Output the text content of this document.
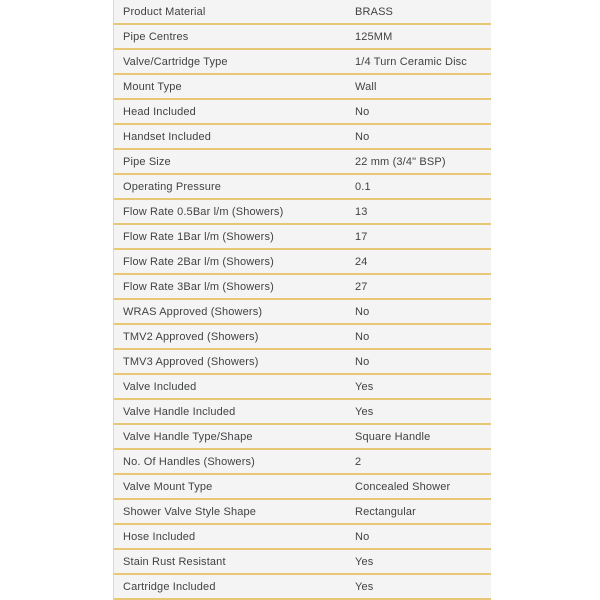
Product Material	BRASS
Pipe Centres	125MM
Valve/Cartridge Type	1/4 Turn Ceramic Disc
Mount Type	Wall
Head Included	No
Handset Included	No
Pipe Size	22 mm (3/4" BSP)
Operating Pressure	0.1
Flow Rate 0.5Bar l/m (Showers)	13
Flow Rate 1Bar l/m (Showers)	17
Flow Rate 2Bar l/m (Showers)	24
Flow Rate 3Bar l/m (Showers)	27
WRAS Approved (Showers)	No
TMV2 Approved (Showers)	No
TMV3 Approved (Showers)	No
Valve Included	Yes
Valve Handle Included	Yes
Valve Handle Type/Shape	Square Handle
No. Of Handles (Showers)	2
Valve Mount Type	Concealed Shower
Shower Valve Style Shape	Rectangular
Hose Included	No
Stain Rust Resistant	Yes
Cartridge Included	Yes
